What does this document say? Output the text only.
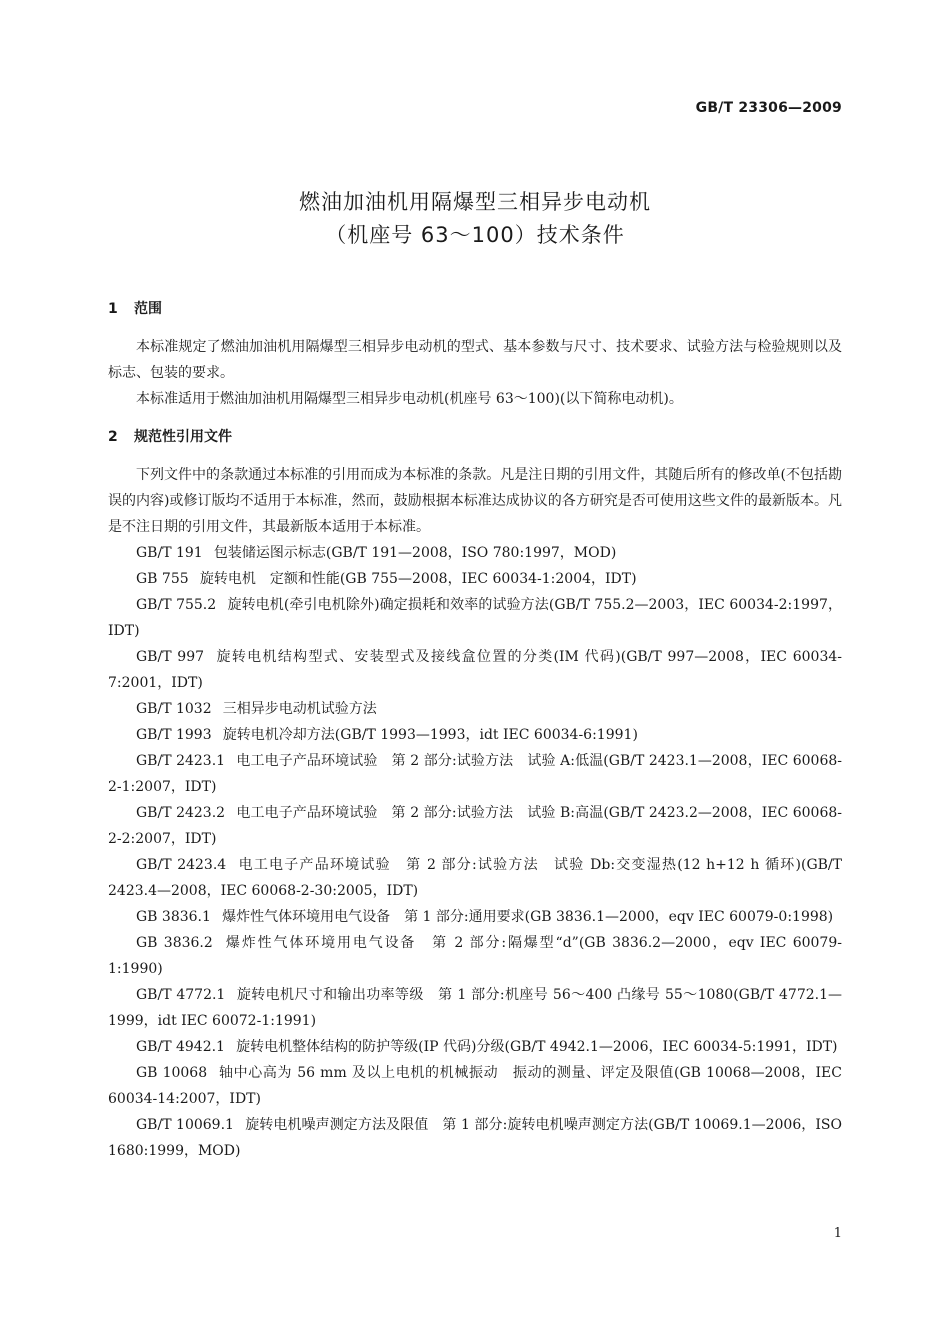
GB/T 23306—2009
燃油加油机用隔爆型三相异步电动机
（机座号 63～100）技术条件
1 范围

本标准规定了燃油加油机用隔爆型三相异步电动机的型式、基本参数与尺寸、技术要求、试验方法与检验规则以及标志、包装的要求。

本标准适用于燃油加油机用隔爆型三相异步电动机(机座号 63～100)(以下简称电动机)。

2 规范性引用文件

下列文件中的条款通过本标准的引用而成为本标准的条款。凡是注日期的引用文件，其随后所有的修改单(不包括勘误的内容)或修订版均不适用于本标准，然而，鼓励根据本标准达成协议的各方研究是否可使用这些文件的最新版本。凡是不注日期的引用文件，其最新版本适用于本标准。

GB/T 191 包装储运图示标志(GB/T 191—2008，ISO 780:1997，MOD)

GB 755 旋转电机　定额和性能(GB 755—2008，IEC 60034-1:2004，IDT)

GB/T 755.2 旋转电机(牵引电机除外)确定损耗和效率的试验方法(GB/T 755.2—2003，IEC 60034-2:1997，IDT)

GB/T 997 旋转电机结构型式、安装型式及接线盒位置的分类(IM 代码)(GB/T 997—2008，IEC 60034-7:2001，IDT)

GB/T 1032 三相异步电动机试验方法

GB/T 1993 旋转电机冷却方法(GB/T 1993—1993，idt IEC 60034-6:1991)

GB/T 2423.1 电工电子产品环境试验　第 2 部分:试验方法　试验 A:低温(GB/T 2423.1—2008，IEC 60068-2-1:2007，IDT)

GB/T 2423.2 电工电子产品环境试验　第 2 部分:试验方法　试验 B:高温(GB/T 2423.2—2008，IEC 60068-2-2:2007，IDT)

GB/T 2423.4 电工电子产品环境试验　第 2 部分:试验方法　试验 Db:交变湿热(12 h+12 h 循环)(GB/T 2423.4—2008，IEC 60068-2-30:2005，IDT)

GB 3836.1 爆炸性气体环境用电气设备　第 1 部分:通用要求(GB 3836.1—2000，eqv IEC 60079-0:1998)

GB 3836.2 爆炸性气体环境用电气设备　第 2 部分:隔爆型“d”(GB 3836.2—2000，eqv IEC 60079-1:1990)

GB/T 4772.1 旋转电机尺寸和输出功率等级　第 1 部分:机座号 56～400 凸缘号 55～1080(GB/T 4772.1—1999，idt IEC 60072-1:1991)

GB/T 4942.1 旋转电机整体结构的防护等级(IP 代码)分级(GB/T 4942.1—2006，IEC 60034-5:1991，IDT)

GB 10068 轴中心高为 56 mm 及以上电机的机械振动　振动的测量、评定及限值(GB 10068—2008，IEC 60034-14:2007，IDT)

GB/T 10069.1 旋转电机噪声测定方法及限值　第 1 部分:旋转电机噪声测定方法(GB/T 10069.1—2006，ISO 1680:1999，MOD)

1
